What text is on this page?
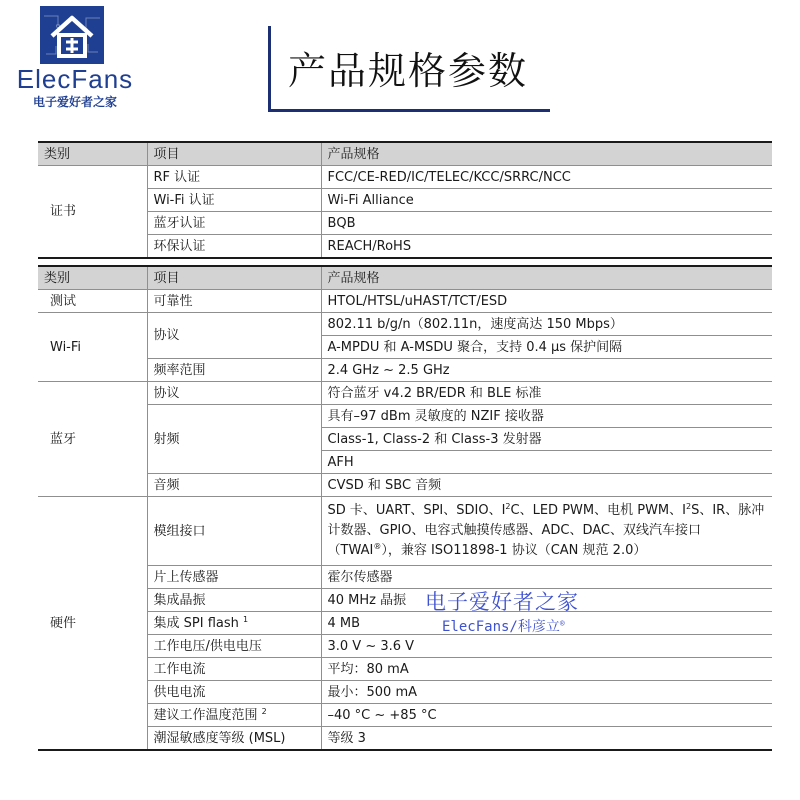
ElecFans
电子爱好者之家
产品规格参数
类别	项目	产品规格
证书	RF 认证	FCC/CE-RED/IC/TELEC/KCC/SRRC/NCC
	Wi-Fi 认证	Wi-Fi Alliance
	蓝牙认证	BQB
	环保认证	REACH/RoHS
类别	项目	产品规格
测试	可靠性	HTOL/HTSL/uHAST/TCT/ESD
Wi-Fi	协议	802.11 b/g/n（802.11n，速度高达 150 Mbps）
		A-MPDU 和 A-MSDU 聚合，支持 0.4 µs 保护间隔
	频率范围	2.4 GHz ~ 2.5 GHz
蓝牙	协议	符合蓝牙 v4.2 BR/EDR 和 BLE 标准
	射频	具有–97 dBm 灵敏度的 NZIF 接收器
		Class-1, Class-2 和 Class-3 发射器
		AFH
	音频	CVSD 和 SBC 音频
硬件	模组接口	SD 卡、UART、SPI、SDIO、$I^2C$、LED PWM、电机 PWM、$I^2S$、IR、脉冲计数器、GPIO、电容式触摸传感器、ADC、DAC、双线汽车接口（TWAI®），兼容 ISO11898-1 协议（CAN 规范 2.0）
	片上传感器	霍尔传感器
	集成晶振	40 MHz 晶振
	集成 SPI flash $^1$	4 MB
	工作电压/供电电压	3.0 V ~ 3.6 V
	工作电流	平均：80 mA
	供电电流	最小：500 mA
	建议工作温度范围 $^2$	–40 °C ~ +85 °C
	潮湿敏感度等级 (MSL)	等级 3
电子爱好者之家
ElecFans/科彦立®
